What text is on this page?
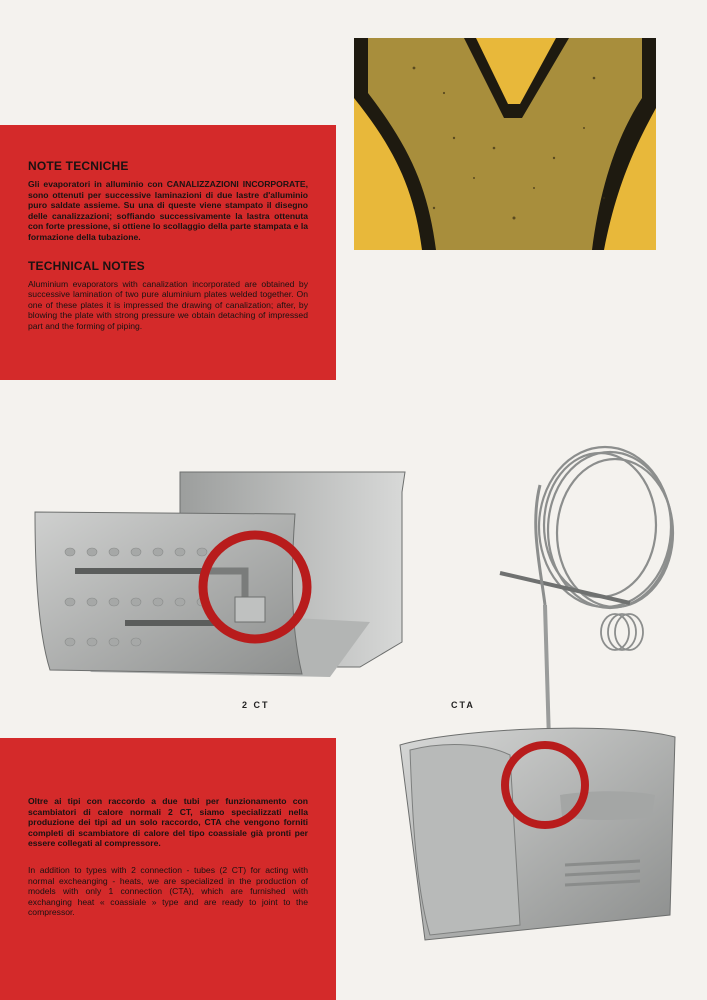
NOTE TECNICHE

Gli evaporatori in alluminio con CANALIZZAZIONI INCORPORATE, sono ottenuti per successive laminazioni di due lastre d'alluminio puro saldate assieme. Su una di queste viene stampato il disegno delle canalizzazioni; soffiando successivamente la lastra ottenuta con forte pressione, si ottiene lo scollaggio della parte stampata e la formazione della tubazione.

TECHNICAL NOTES

Aluminium evaporators with canalization incorporated are obtained by successive lamination of two pure aluminium plates welded together. On one of these plates it is impressed the drawing of canalization; after, by blowing the plate with strong pressure we obtain detaching of impressed part and the forming of piping.

2 CT	CTA

Oltre ai tipi con raccordo a due tubi per funzionamento con scambiatori di calore normali 2 CT, siamo specializzati nella produzione dei tipi ad un solo raccordo, CTA che vengono forniti completi di scambiatore di calore del tipo coassiale già pronti per essere collegati al compressore.

In addition to types with 2 connection - tubes (2 CT) for acting with normal excheanging - heats, we are specialized in the production of models with only 1 connection (CTA), which are furnished with exchanging heat « coassiale » type and are ready to joint to the compressor.
